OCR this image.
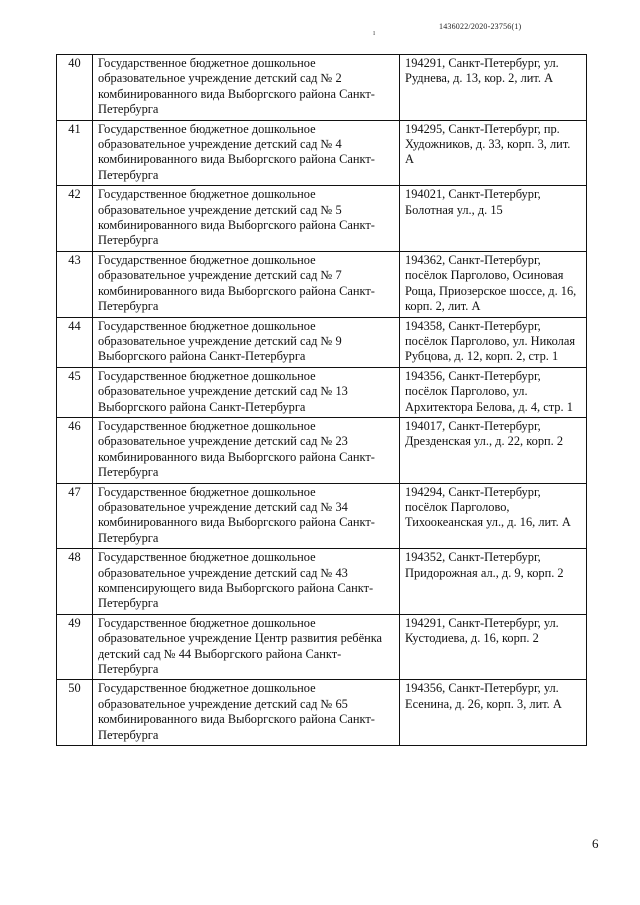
1436022/2020-23756(1)
ı
40	Государственное бюджетное дошкольное образовательное учреждение детский сад № 2 комбинированного вида Выборгского района Санкт-Петербурга	194291, Санкт-Петербург, ул. Руднева, д. 13, кор. 2, лит. А
41	Государственное бюджетное дошкольное образовательное учреждение детский сад № 4 комбинированного вида Выборгского района Санкт-Петербурга	194295, Санкт-Петербург, пр. Художников, д. 33, корп. 3, лит. А
42	Государственное бюджетное дошкольное образовательное учреждение детский сад № 5 комбинированного вида Выборгского района Санкт-Петербурга	194021, Санкт-Петербург, Болотная ул., д. 15
43	Государственное бюджетное дошкольное образовательное учреждение детский сад № 7 комбинированного вида Выборгского района Санкт-Петербурга	194362, Санкт-Петербург, посёлок Парголово, Осиновая Роща, Приозерское шоссе, д. 16, корп. 2, лит. А
44	Государственное бюджетное дошкольное образовательное учреждение детский сад № 9 Выборгского района Санкт-Петербурга	194358, Санкт-Петербург, посёлок Парголово, ул. Николая Рубцова, д. 12, корп. 2, стр. 1
45	Государственное бюджетное дошкольное образовательное учреждение детский сад № 13 Выборгского района Санкт-Петербурга	194356, Санкт-Петербург, посёлок Парголово, ул. Архитектора Белова, д. 4, стр. 1
46	Государственное бюджетное дошкольное образовательное учреждение детский сад № 23 комбинированного вида Выборгского района Санкт-Петербурга	194017, Санкт-Петербург, Дрезденская ул., д. 22, корп. 2
47	Государственное бюджетное дошкольное образовательное учреждение детский сад № 34 комбинированного вида Выборгского района Санкт-Петербурга	194294, Санкт-Петербург, посёлок Парголово, Тихоокеанская ул., д. 16, лит. А
48	Государственное бюджетное дошкольное образовательное учреждение детский сад № 43 компенсирующего вида Выборгского района Санкт-Петербурга	194352, Санкт-Петербург, Придорожная ал., д. 9, корп. 2
49	Государственное бюджетное дошкольное образовательное учреждение Центр развития ребёнка детский сад № 44 Выборгского района Санкт-Петербурга	194291, Санкт-Петербург, ул. Кустодиева, д. 16, корп. 2
50	Государственное бюджетное дошкольное образовательное учреждение детский сад № 65 комбинированного вида Выборгского района Санкт-Петербурга	194356, Санкт-Петербург, ул. Есенина, д. 26, корп. 3, лит. А
6
